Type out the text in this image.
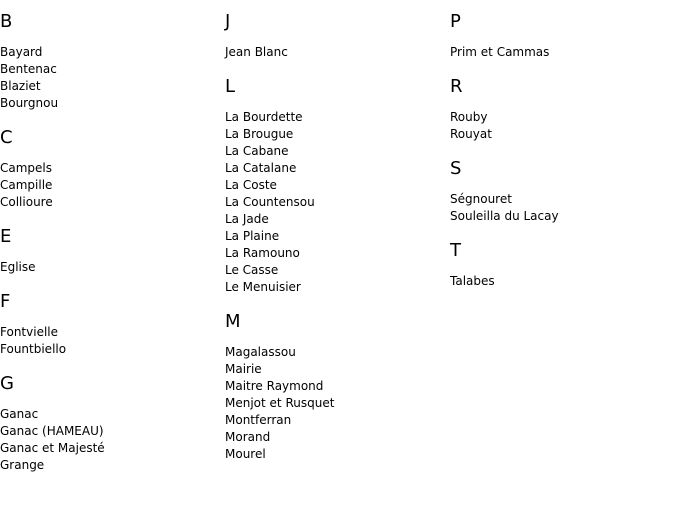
B
Bayard
Bentenac
Blaziet
Bourgnou
C
Campels
Campille
Collioure
E
Eglise
F
Fontvielle
Fountbiello
G
Ganac
Ganac (HAMEAU)
Ganac et Majesté
Grange
J
Jean Blanc
L
La Bourdette
La Brougue
La Cabane
La Catalane
La Coste
La Countensou
La Jade
La Plaine
La Ramouno
Le Casse
Le Menuisier
M
Magalassou
Mairie
Maitre Raymond
Menjot et Rusquet
Montferran
Morand
Mourel
P
Prim et Cammas
R
Rouby
Rouyat
S
Ségnouret
Souleilla du Lacay
T
Talabes
